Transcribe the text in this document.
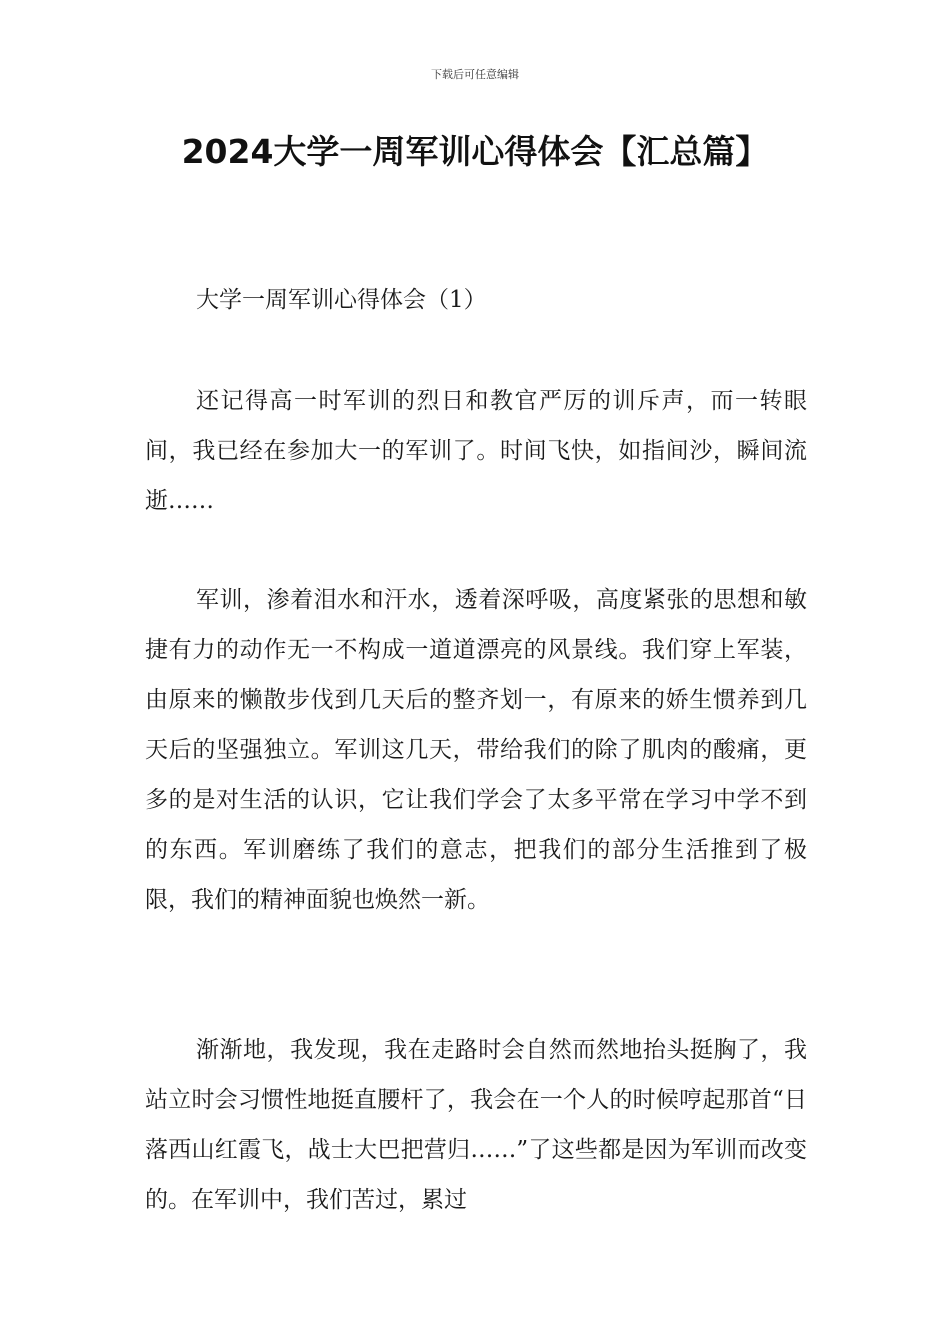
下载后可任意编辑
2024大学一周军训心得体会【汇总篇】
大学一周军训心得体会（1）

还记得高一时军训的烈日和教官严厉的训斥声，而一转眼间，我已经在参加大一的军训了。时间飞快，如指间沙，瞬间流逝……

军训，渗着泪水和汗水，透着深呼吸，高度紧张的思想和敏捷有力的动作无一不构成一道道漂亮的风景线。我们穿上军装，由原来的懒散步伐到几天后的整齐划一，有原来的娇生惯养到几天后的坚强独立。军训这几天，带给我们的除了肌肉的酸痛，更多的是对生活的认识，它让我们学会了太多平常在学习中学不到的东西。军训磨练了我们的意志，把我们的部分生活推到了极限，我们的精神面貌也焕然一新。

渐渐地，我发现，我在走路时会自然而然地抬头挺胸了，我站立时会习惯性地挺直腰杆了，我会在一个人的时候哼起那首“日落西山红霞飞，战士大巴把营归……”了这些都是因为军训而改变的。在军训中，我们苦过，累过
